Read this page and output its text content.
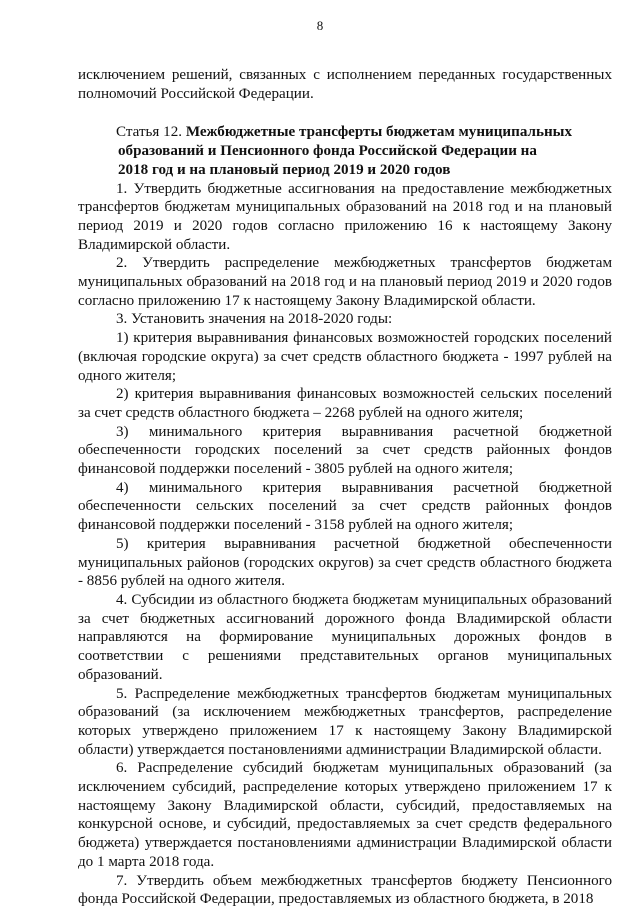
8

исключением решений, связанных с исполнением переданных государственных полномочий Российской Федерации.

Статья 12. Межбюджетные трансферты бюджетам муниципальных

образований и Пенсионного фонда Российской Федерации на

2018 год и на плановый период 2019 и 2020 годов

1. Утвердить бюджетные ассигнования на предоставление межбюджетных трансфертов бюджетам муниципальных образований на 2018 год и на плановый период 2019 и 2020 годов согласно приложению 16 к настоящему Закону Владимирской области.

2. Утвердить распределение межбюджетных трансфертов бюджетам муниципальных образований на 2018 год и на плановый период 2019 и 2020 годов согласно приложению 17 к настоящему Закону Владимирской области.

3. Установить значения на 2018-2020 годы:

1) критерия выравнивания финансовых возможностей городских поселений (включая городские округа) за счет средств областного бюджета - 1997 рублей на одного жителя;

2) критерия выравнивания финансовых возможностей сельских поселений за счет средств областного бюджета – 2268 рублей на одного жителя;

3) минимального критерия выравнивания расчетной бюджетной обеспеченности городских поселений за счет средств районных фондов финансовой поддержки поселений - 3805 рублей на одного жителя;

4) минимального критерия выравнивания расчетной бюджетной обеспеченности сельских поселений за счет средств районных фондов финансовой поддержки поселений - 3158 рублей на одного жителя;

5) критерия выравнивания расчетной бюджетной обеспеченности муниципальных районов (городских округов) за счет средств областного бюджета - 8856 рублей на одного жителя.

4. Субсидии из областного бюджета бюджетам муниципальных образований за счет бюджетных ассигнований дорожного фонда Владимирской области направляются на формирование муниципальных дорожных фондов в соответствии с решениями представительных органов муниципальных образований.

5. Распределение межбюджетных трансфертов бюджетам муниципальных образований (за исключением межбюджетных трансфертов, распределение которых утверждено приложением 17 к настоящему Закону Владимирской области) утверждается постановлениями администрации Владимирской области.

6. Распределение субсидий бюджетам муниципальных образований (за исключением субсидий, распределение которых утверждено приложением 17 к настоящему Закону Владимирской области, субсидий, предоставляемых на конкурсной основе, и субсидий, предоставляемых за счет средств федерального бюджета) утверждается постановлениями администрации Владимирской области до 1 марта 2018 года.

7. Утвердить объем межбюджетных трансфертов бюджету Пенсионного фонда Российской Федерации, предоставляемых из областного бюджета, в 2018
